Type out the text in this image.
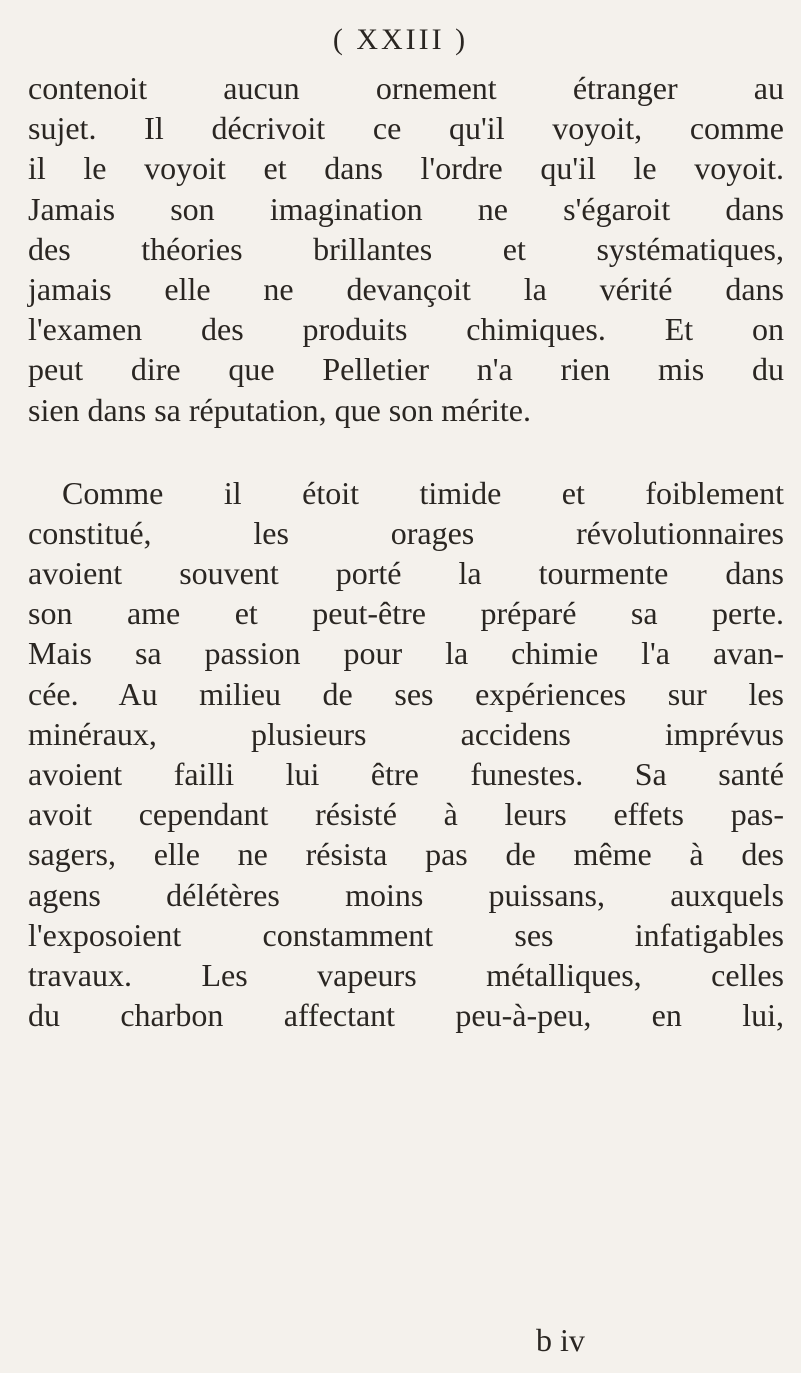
( XXIII )
contenoit aucun ornement étranger au
sujet. Il décrivoit ce qu'il voyoit, comme
il le voyoit et dans l'ordre qu'il le voyoit.
Jamais son imagination ne s'égaroit dans
des théories brillantes et systématiques,
jamais elle ne devançoit la vérité dans
l'examen des produits chimiques. Et on
peut dire que Pelletier n'a rien mis du
sien dans sa réputation, que son mérite.
Comme il étoit timide et foiblement
constitué, les orages révolutionnaires
avoient souvent porté la tourmente dans
son ame et peut-être préparé sa perte.
Mais sa passion pour la chimie l'a avan-
cée. Au milieu de ses expériences sur les
minéraux, plusieurs accidens imprévus
avoient failli lui être funestes. Sa santé
avoit cependant résisté à leurs effets pas-
sagers, elle ne résista pas de même à des
agens délétères moins puissans, auxquels
l'exposoient constamment ses infatigables
travaux. Les vapeurs métalliques, celles
du charbon affectant peu-à-peu, en lui,
b iv
